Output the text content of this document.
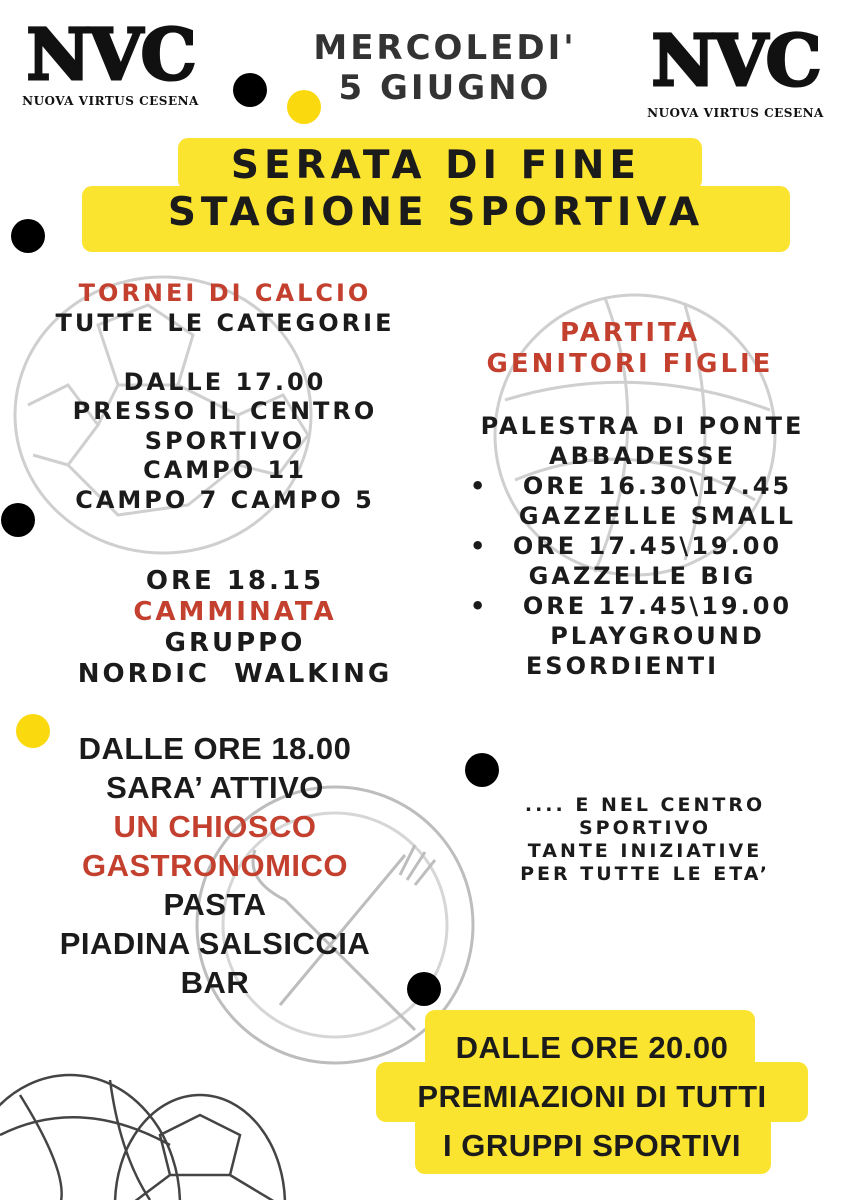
NVC
NUOVA VIRTUS CESENA	NVC
NUOVA VIRTUS CESENA
MERCOLEDI'
5 GIUGNO
SERATA DI FINE
STAGIONE SPORTIVA
TORNEI DI CALCIO
TUTTE LE CATEGORIE
DALLE 17.00
PRESSO IL CENTRO
SPORTIVO
CAMPO 11
CAMPO 7 CAMPO 5
ORE 18.15
CAMMINATA
GRUPPO
NORDIC  WALKING
PARTITA
GENITORI FIGLIE
PALESTRA DI PONTE
ABBADESSE
•	ORE 16.30\17.45
GAZZELLE SMALL
•	ORE 17.45\19.00
GAZZELLE BIG
•	ORE 17.45\19.00
PLAYGROUND
ESORDIENTI
DALLE ORE 18.00
SARA’ ATTIVO
UN CHIOSCO
GASTRONOMICO
PASTA
PIADINA SALSICCIA
BAR
.... E NEL CENTRO
SPORTIVO
TANTE INIZIATIVE
PER TUTTE LE ETA’
DALLE ORE 20.00
PREMIAZIONI DI TUTTI
I GRUPPI SPORTIVI
